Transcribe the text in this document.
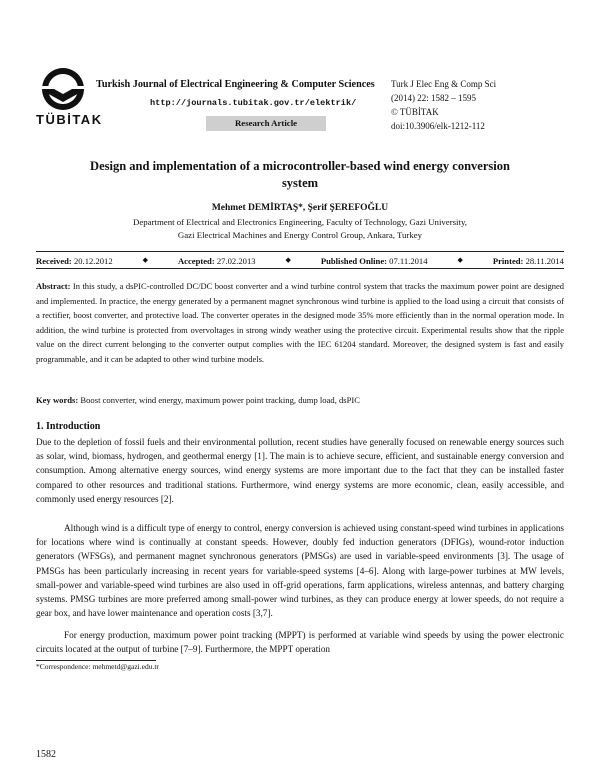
TÜBİTAK
Turkish Journal of Electrical Engineering & Computer Sciences
http://journals.tubitak.gov.tr/elektrik/
Research Article
Turk J Elec Eng & Comp Sci
(2014) 22: 1582 – 1595
© TÜBİTAK
doi:10.3906/elk-1212-112
Design and implementation of a microcontroller-based wind energy conversion
system
Mehmet DEMİRTAŞ*, Şerif ŞEREFOĞLU
Department of Electrical and Electronics Engineering, Faculty of Technology, Gazi University,
Gazi Electrical Machines and Energy Control Group, Ankara, Turkey
Received: 20.12.2012	◆	Accepted: 27.02.2013	◆	Published Online: 07.11.2014	◆	Printed: 28.11.2014
Abstract: In this study, a dsPIC-controlled DC/DC boost converter and a wind turbine control system that tracks the maximum power point are designed and implemented. In practice, the energy generated by a permanent magnet synchronous wind turbine is applied to the load using a circuit that consists of a rectifier, boost converter, and protective load. The converter operates in the designed mode 35% more efficiently than in the normal operation mode. In addition, the wind turbine is protected from overvoltages in strong windy weather using the protective circuit. Experimental results show that the ripple value on the direct current belonging to the converter output complies with the IEC 61204 standard. Moreover, the designed system is fast and easily programmable, and it can be adapted to other wind turbine models.
Key words: Boost converter, wind energy, maximum power point tracking, dump load, dsPIC
1. Introduction
Due to the depletion of fossil fuels and their environmental pollution, recent studies have generally focused on renewable energy sources such as solar, wind, biomass, hydrogen, and geothermal energy [1]. The main is to achieve secure, efficient, and sustainable energy conversion and consumption. Among alternative energy sources, wind energy systems are more important due to the fact that they can be installed faster compared to other resources and traditional stations. Furthermore, wind energy systems are more economic, clean, easily accessible, and commonly used energy resources [2].
Although wind is a difficult type of energy to control, energy conversion is achieved using constant-speed wind turbines in applications for locations where wind is continually at constant speeds. However, doubly fed induction generators (DFIGs), wound-rotor induction generators (WFSGs), and permanent magnet synchronous generators (PMSGs) are used in variable-speed environments [3]. The usage of PMSGs has been particularly increasing in recent years for variable-speed systems [4–6]. Along with large-power turbines at MW levels, small-power and variable-speed wind turbines are also used in off-grid operations, farm applications, wireless antennas, and battery charging systems. PMSG turbines are more preferred among small-power wind turbines, as they can produce energy at lower speeds, do not require a gear box, and have lower maintenance and operation costs [3,7].
For energy production, maximum power point tracking (MPPT) is performed at variable wind speeds by using the power electronic circuits located at the output of turbine [7–9]. Furthermore, the MPPT operation
*Correspondence: mehmetd@gazi.edu.tr
1582
